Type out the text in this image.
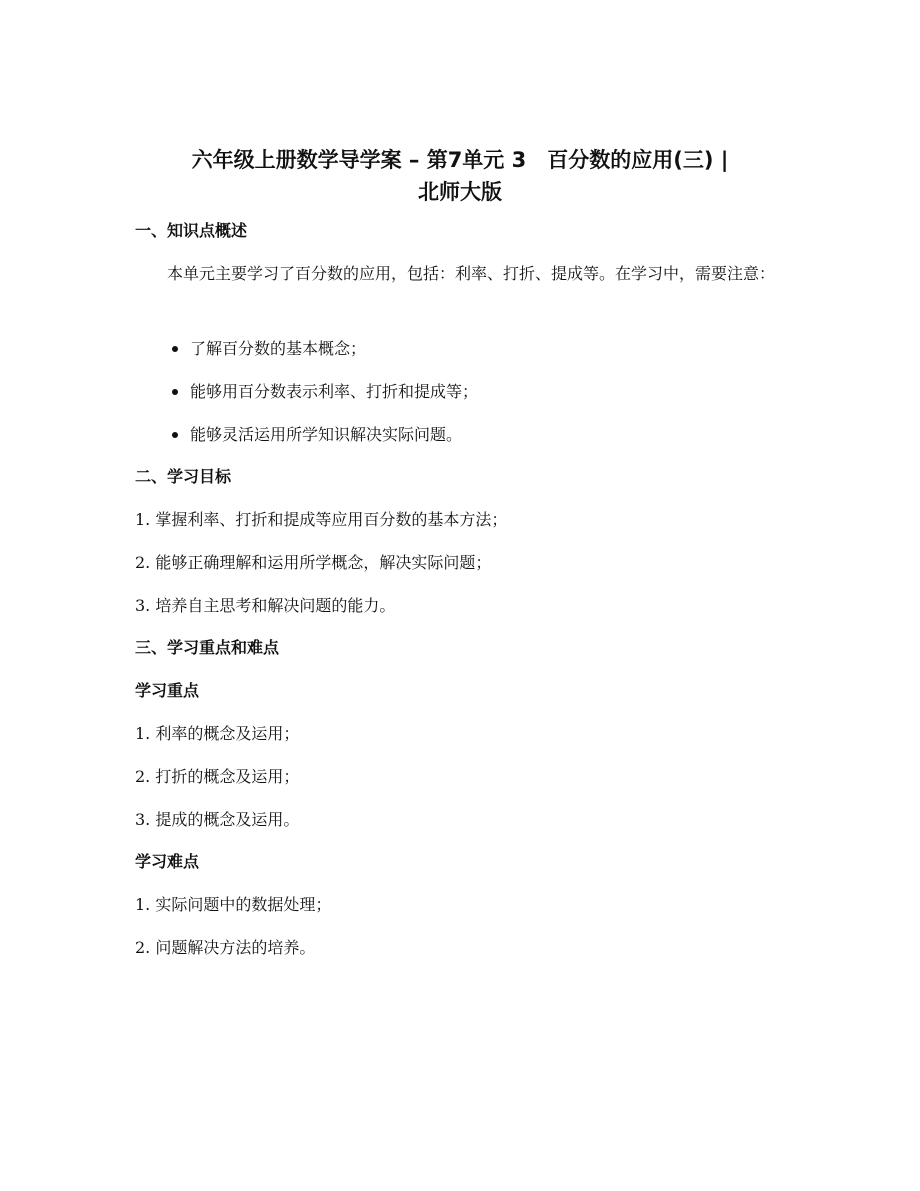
六年级上册数学导学案 – 第7单元 3　百分数的应用(三) |
北师大版
一、知识点概述
本单元主要学习了百分数的应用，包括：利率、打折、提成等。在学习中，需要注意：
了解百分数的基本概念；
能够用百分数表示利率、打折和提成等；
能够灵活运用所学知识解决实际问题。
二、学习目标
1. 掌握利率、打折和提成等应用百分数的基本方法；
2. 能够正确理解和运用所学概念，解决实际问题；
3. 培养自主思考和解决问题的能力。
三、学习重点和难点
学习重点
1. 利率的概念及运用；
2. 打折的概念及运用；
3. 提成的概念及运用。
学习难点
1. 实际问题中的数据处理；
2. 问题解决方法的培养。
